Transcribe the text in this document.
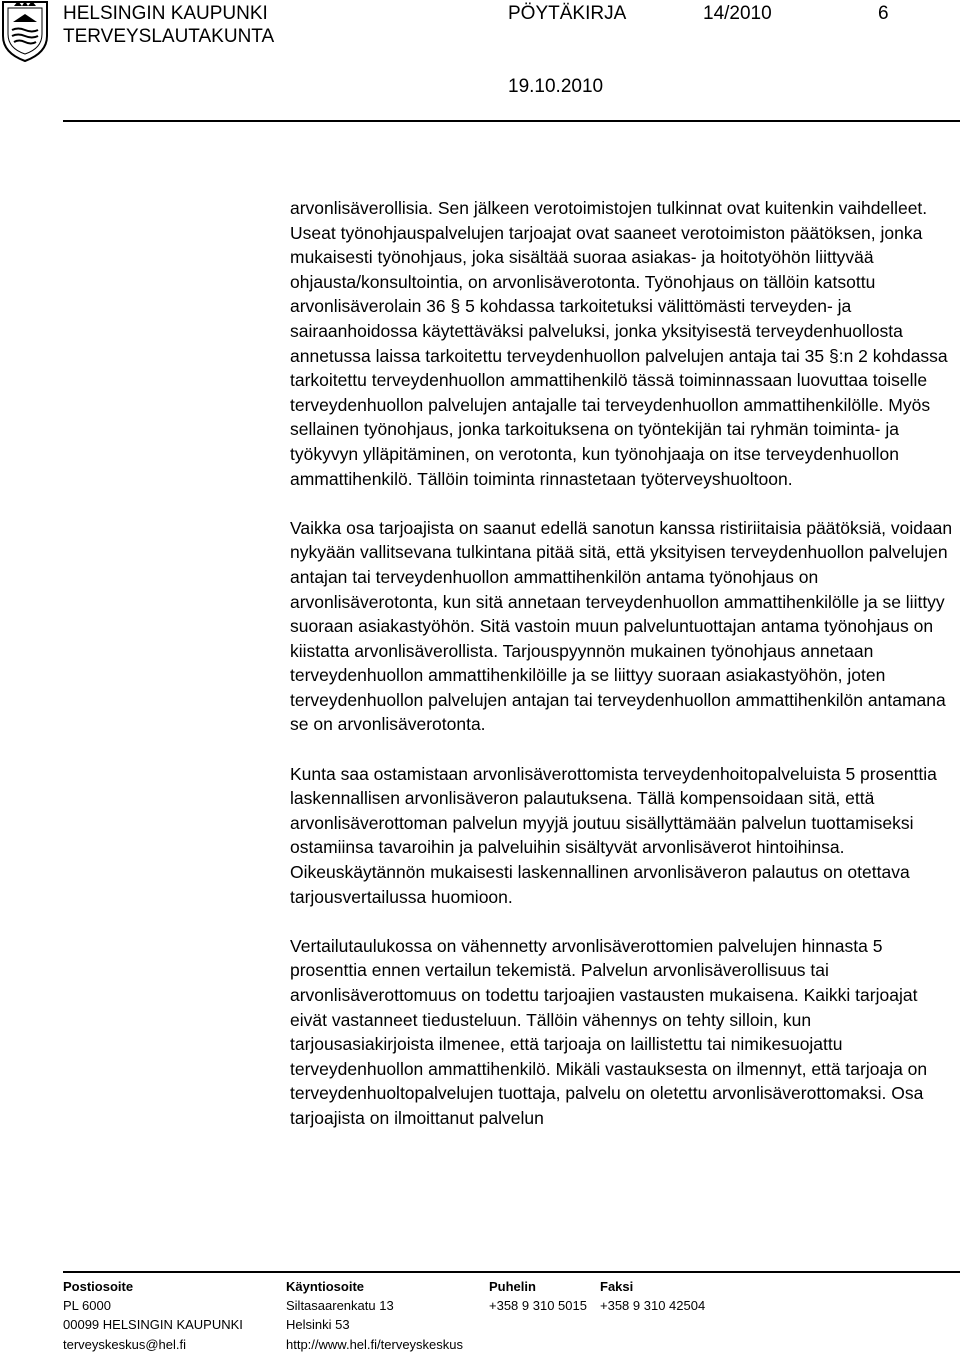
HELSINGIN KAUPUNKI
TERVEYSLAUTAKUNTA
PÖYTÄKIRJA	14/2010	6
19.10.2010

arvonlisäverollisia. Sen jälkeen verotoimistojen tulkinnat ovat kuitenkin vaihdelleet. Useat työnohjauspalvelujen tarjoajat ovat saaneet verotoimiston päätöksen, jonka mukaisesti työnohjaus, joka sisältää suoraa asiakas- ja hoitotyöhön liittyvää ohjausta/konsultointia, on arvonlisäverotonta. Työnohjaus on tällöin katsottu arvonlisäverolain 36 § 5 kohdassa tarkoitetuksi välittömästi terveyden- ja sairaanhoidossa käytettäväksi palveluksi, jonka yksityisestä terveydenhuollosta annetussa laissa tarkoitettu terveydenhuollon palvelujen antaja tai 35 §:n 2 kohdassa tarkoitettu terveydenhuollon ammattihenkilö tässä toiminnassaan luovuttaa toiselle terveydenhuollon palvelujen antajalle tai terveydenhuollon ammattihenkilölle. Myös sellainen työnohjaus, jonka tarkoituksena on työntekijän tai ryhmän toiminta- ja työkyvyn ylläpitäminen, on verotonta, kun työnohjaaja on itse terveydenhuollon ammattihenkilö. Tällöin toiminta rinnastetaan työterveyshuoltoon.

Vaikka osa tarjoajista on saanut edellä sanotun kanssa ristiriitaisia päätöksiä, voidaan nykyään vallitsevana tulkintana pitää sitä, että yksityisen terveydenhuollon palvelujen antajan tai terveydenhuollon ammattihenkilön antama työnohjaus on arvonlisäverotonta, kun sitä annetaan terveydenhuollon ammattihenkilölle ja se liittyy suoraan asiakastyöhön. Sitä vastoin muun palveluntuottajan antama työnohjaus on kiistatta arvonlisäverollista. Tarjouspyynnön mukainen työnohjaus annetaan terveydenhuollon ammattihenkilöille ja se liittyy suoraan asiakastyöhön, joten terveydenhuollon palvelujen antajan tai terveydenhuollon ammattihenkilön antamana se on arvonlisäverotonta.

Kunta saa ostamistaan arvonlisäverottomista terveydenhoitopalveluista 5 prosenttia laskennallisen arvonlisäveron palautuksena. Tällä kompensoidaan sitä, että arvonlisäverottoman palvelun myyjä joutuu sisällyttämään palvelun tuottamiseksi ostamiinsa tavaroihin ja palveluihin sisältyvät arvonlisäverot hintoihinsa. Oikeuskäytännön mukaisesti laskennallinen arvonlisäveron palautus on otettava tarjousvertailussa huomioon.

Vertailutaulukossa on vähennetty arvonlisäverottomien palvelujen hinnasta 5 prosenttia ennen vertailun tekemistä. Palvelun arvonlisäverollisuus tai arvonlisäverottomuus on todettu tarjoajien vastausten mukaisena. Kaikki tarjoajat eivät vastanneet tiedusteluun. Tällöin vähennys on tehty silloin, kun tarjousasiakirjoista ilmenee, että tarjoaja on laillistettu tai nimikesuojattu terveydenhuollon ammattihenkilö. Mikäli vastauksesta on ilmennyt, että tarjoaja on terveydenhuoltopalvelujen tuottaja, palvelu on oletettu arvonlisäverottomaksi. Osa tarjoajista on ilmoittanut palvelun

Postiosoite
PL 6000
00099 HELSINGIN KAUPUNKI
terveyskeskus@hel.fi
Käyntiosoite
Siltasaarenkatu 13
Helsinki 53
http://www.hel.fi/terveyskeskus
Puhelin
+358 9 310 5015
Faksi
+358 9 310 42504
